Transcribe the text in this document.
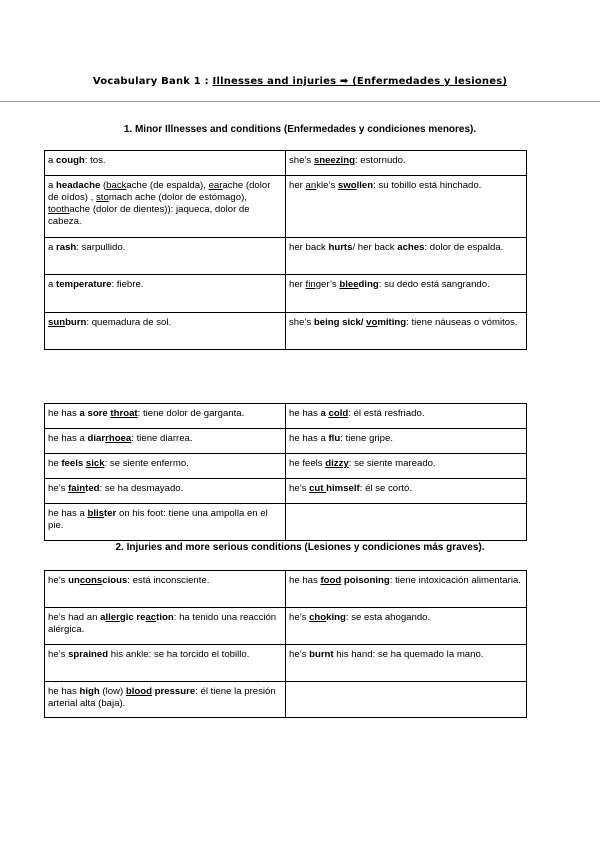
Vocabulary Bank 1 : Illnesses and injuries ➡ (Enfermedades y lesiones)
1. Minor Illnesses and conditions (Enfermedades y condiciones menores).
a cough: tos.	she’s sneezing: estornudo.
a headache (backache (de espalda), earache (dolor de oídos) , stomach ache (dolor de estómago), toothache (dolor de dientes)): jaqueca, dolor de cabeza.	her ankle’s swollen: su tobillo está hinchado.
a rash: sarpullido.	her back hurts/ her back aches: dolor de espalda.
a temperature: fiebre.	her finger’s bleeding: su dedo está sangrando.
sunburn: quemadura de sol.	she’s being sick/ vomiting: tiene náuseas o vómitos.
he has a sore throat: tiene dolor de garganta.	he has a cold: él está resfriado.
he has a diarrhoea: tiene diarrea.	he has a flu: tiene gripe.
he feels sick: se siente enfermo.	he feels dizzy: se siente mareado.
he’s fainted: se ha desmayado.	he’s cut himself: él se cortó.
he has a blister on his foot: tiene una ampolla en el pie.	
2. Injuries and more serious conditions (Lesiones y condiciones más graves).
he’s unconscious: está inconsciente.	he has food poisoning: tiene intoxicación alimentaria.
he’s had an allergic reaction: ha tenido una reacción alérgica.	he’s choking: se esta ahogando.
he’s sprained his ankle: se ha torcido el tobillo.	he’s burnt his hand: se ha quemado la mano.
he has high (low) blood pressure: él tiene la presión arterial alta (baja).	
